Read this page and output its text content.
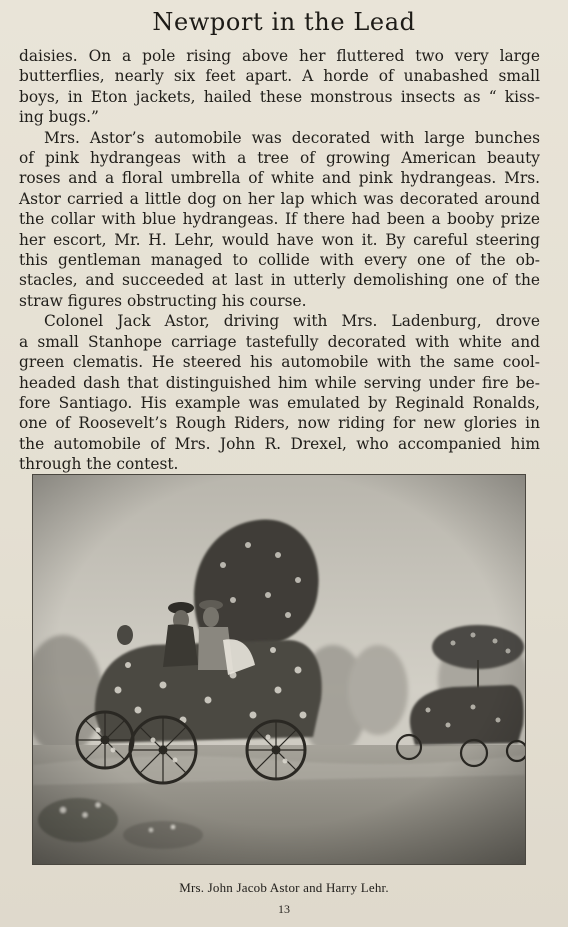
Newport in the Lead

daisies. On a pole rising above her fluttered two very large
butterflies, nearly six feet apart. A horde of unabashed small
boys, in Eton jackets, hailed these monstrous insects as “ kiss-
ing bugs.”

Mrs. Astor’s automobile was decorated with large bunches
of pink hydrangeas with a tree of growing American beauty
roses and a floral umbrella of white and pink hydrangeas. Mrs.
Astor carried a little dog on her lap which was decorated around
the collar with blue hydrangeas. If there had been a booby prize
her escort, Mr. H. Lehr, would have won it. By careful steering
this gentleman managed to collide with every one of the ob-
stacles, and succeeded at last in utterly demolishing one of the
straw figures obstructing his course.

Colonel Jack Astor, driving with Mrs. Ladenburg, drove
a small Stanhope carriage tastefully decorated with white and
green clematis. He steered his automobile with the same cool-
headed dash that distinguished him while serving under fire be-
fore Santiago. His example was emulated by Reginald Ronalds,
one of Roosevelt’s Rough Riders, now riding for new glories in
the automobile of Mrs. John R. Drexel, who accompanied him
through the contest.

Mrs. John Jacob Astor and Harry Lehr.
13
